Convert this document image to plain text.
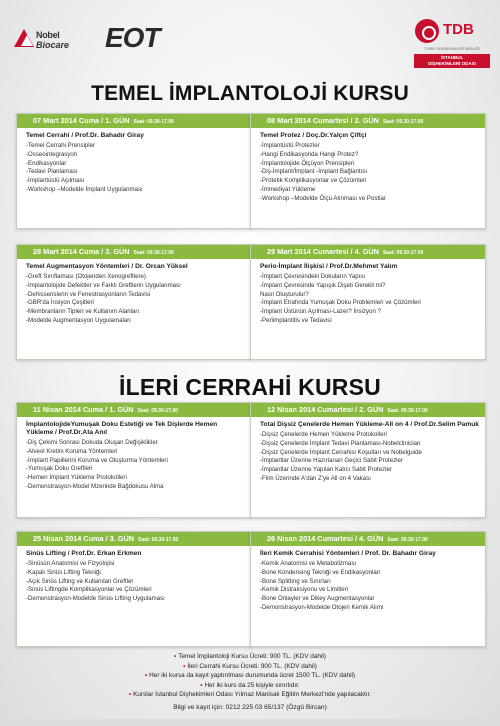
Nobel
Biocare EOT	TDB
TÜRK DİŞHEKİMLERİ BİRLİĞİ
İSTANBUL
DİŞHEKİMLERİ ODASI
TEMEL İMPLANTOLOJİ KURSU
İLERİ CERRAHİ KURSU
07 Mart 2014 Cuma / 1. GÜN Saat: 09.30-17.00
Temel Cerrahi / Prof.Dr. Bahadır Giray
-Temel Cerrahi Prensipler
-Osseointegrasyon
-Endikasyonlar
-Tedavi Planlaması
-İmplantüstü Açılması
-Workshop –Modelde İmplant Uygulanması
08 Mart 2014 Cumartesi / 2. GÜN Saat: 09.30-17.00
Temel Protez / Doç.Dr.Yalçın Çiftçi
-İmplantüstü Protezler
-Hangi Endikasyonda Hangi Protez?
-İmplantolojide Ölçüyon Prensipleri
-Diş-İmplant/İmplant -İmplant Bağlantısı
-Protetik Komplikasyonlar ve Çözümleri
-İmmediyat Yükleme
-Workshop –Modelde Ölçü Alınması ve Postlar
28 Mart 2014 Cuma / 3. GÜN Saat: 09.30-17.00
Temel Augmentasyon Yöntemleri / Dr. Orcan Yüksel
-Greft Sınıflaması (Otojenden Xenogreftlere)
-İmplantolojide Defektler ve Farklı Greftlerin Uygulanması
-Dehissenslerin ve Fenestrasyonların Tedavisi
-GBR'da İnsiyon Çeşitleri
-Membranların Tipleri ve Kullanım Alanları
-Modelde Augmentasyon Uygulamaları
29 Mart 2014 Cumartesi / 4. GÜN Saat: 09.30-17.00
Perio-İmplant İlişkisi / Prof.Dr.Mehmet Yalım
-İmplant Çevresindeki Dokuların Yapısı
-İmplant Çevresinde Yapışık Dişeti Gerekli mi?
Nasıl Oluşturulur?
-İmplant Etrafında Yumuşak Doku Problemleri ve Çözümleri
-İmplant Üstünün Açılması-Lazer? İnsizyon ?
-Periimplantitis ve Tedavisi
11 Nisan 2014 Cuma / 1. GÜN Saat: 09.30-17.00
İmplantolojideYumuşak Doku Estetiği ve Tek Dişlerde Hemen Yükleme / Prof.Dr.Ata Anıl
-Diş Çekimi Sonrası Dokuda Oluşan Değişiklikler
-Alveol Kretini Koruma Yöntemleri
-İmplant Papillerini Koruma ve Oluşturma Yöntemleri
-Yumuşak Doku Greftleri
-Hemen İmplant Yükleme Protokolleri
-Demonstrasyon-Model Mzerinde Bağdokusu Alma
12 Nisan 2014 Cumartesi / 2. GÜN Saat: 09.30-17.00
Total Dişsiz Çenelerde Hemen Yükleme-All on 4 / Prof.Dr.Selim Pamuk
-Dişsiz Çenelerde Hemen Yükleme Protokolleri
-Dişsiz Çenelerde İmplant Tedavi Planlaması-Nobelclinician
-Dişsiz Çenelerde İmplant Cerrahisi Koşulları ve Nobelguide
-İmplantlar Üzerine Hazırlanan Geçici Sabit Protezler
-İmplantlar Üzerine Yapılan Kalıcı Sabit Protezler
-Film Üzerinde A'dan Z'ye All on 4 Vakası
25 Nisan 2014 Cuma / 3. GÜN Saat: 09.30-17.00
Sinüs Lifting / Prof.Dr. Erkan Erkmen
-Sinüsün Anatomisi ve Fizyolojisi
-Kapalı Sinüs Lifting Tekniği
-Açık Sinüs Lifting ve Kullanılan Greftler
-Sinüs Liftingde Komplikasyonlar ve Çözümleri
-Demonstrasyon-Modelde Sinüs Lifting Uygulaması
26 Nisan 2014 Cumartesi / 4. GÜN Saat: 09.30-17.00
İleri Kemik Cerrahisi Yöntemleri / Prof. Dr. Bahadır Giray
-Kemik Anatomisi ve Metabolizması
-Bone Kondensing Tekniği ve Endikasyonları
-Bone Splitting ve Sınırları
-Kemik Distraksiyonu ve Limitleri
-Bone Onlayler ve Dikey Augmentasyonlar
-Demonstrasyon-Modelde Otojen Kemik Alımı
• Temel İmplantoloji Kursu Ücreti: 900 TL. (KDV dahil)
• İleri Cerrahi Kursu Ücreti: 900 TL. (KDV dahil)
• Her iki kursa da kayıt yaptırılması durumunda ücret 1500 TL. (KDV dahil)
• Her iki kurs da 25 kişiyle sınırlıdır.
• Kurslar İstanbul Dişhekimleri Odası Yılmaz Manisalı Eğitim Merkezi'nde yapılacaktır.
Bilgi ve kayıt için: 0212 225 03 65/137 (Özgü Bircan)
